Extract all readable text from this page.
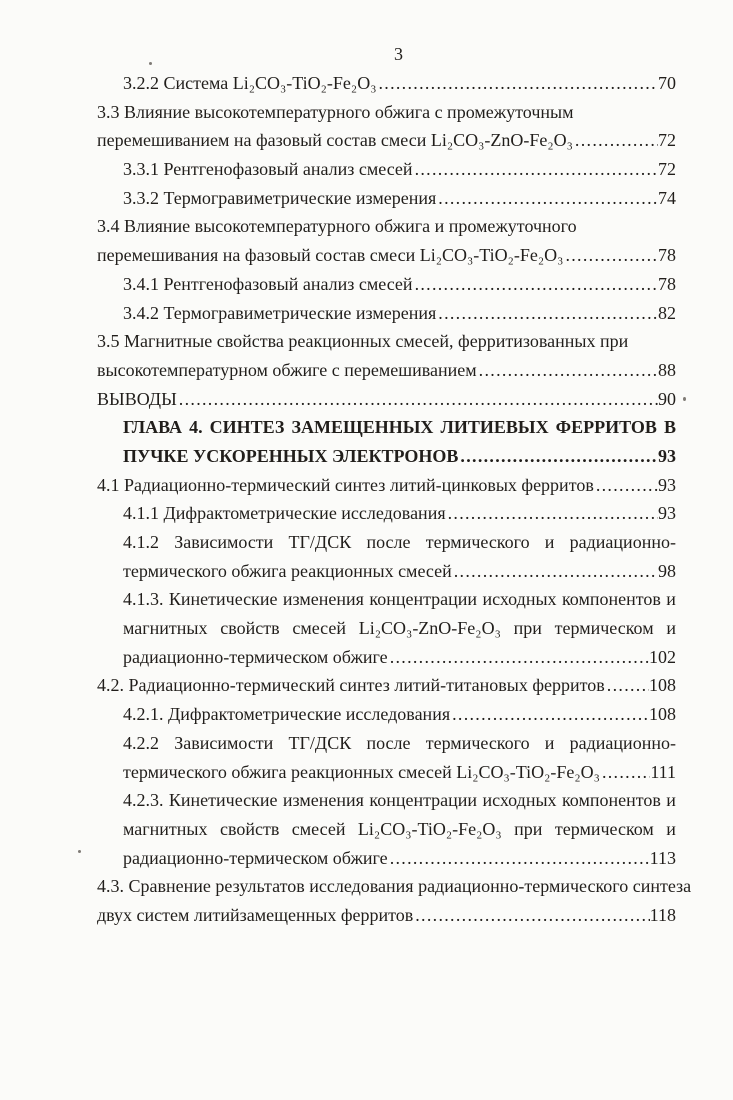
3
3.2.2 Система Li₂CO₃-TiO₂-Fe₂O₃ .....	70
3.3 Влияние высокотемпературного обжига с промежуточным
перемешиванием на фазовый состав смеси Li₂CO₃-ZnO-Fe₂O₃ .....	72
3.3.1 Рентгенофазовый анализ смесей .....	72
3.3.2 Термогравиметрические измерения .....	74
3.4 Влияние высокотемпературного обжига и промежуточного
перемешивания на фазовый состав смеси Li₂CO₃-TiO₂-Fe₂O₃ .....	78
3.4.1 Рентгенофазовый анализ смесей .....	78
3.4.2 Термогравиметрические измерения .....	82
3.5 Магнитные свойства реакционных смесей, ферритизованных при
высокотемпературном обжиге с перемешиванием .....	88
ВЫВОДЫ .....	90
ГЛАВА 4. СИНТЕЗ ЗАМЕЩЕННЫХ ЛИТИЕВЫХ ФЕРРИТОВ В
ПУЧКЕ УСКОРЕННЫХ ЭЛЕКТРОНОВ .....	93
4.1 Радиационно-термический синтез литий-цинковых ферритов .....	93
4.1.1 Дифрактометрические исследования .....	93
4.1.2 Зависимости ТГ/ДСК после термического и радиационно-
термического обжига реакционных смесей .....	98
4.1.3. Кинетические изменения концентрации исходных компонентов и
магнитных свойств смесей Li₂CO₃-ZnO-Fe₂O₃ при термическом и
радиационно-термическом обжиге .....	102
4.2. Радиационно-термический синтез литий-титановых ферритов ..... 108
4.2.1. Дифрактометрические исследования .....	108
4.2.2 Зависимости ТГ/ДСК после термического и радиационно-
термического обжига реакционных смесей Li₂CO₃-TiO₂-Fe₂O₃ .....	111
4.2.3. Кинетические изменения концентрации исходных компонентов и
магнитных свойств смесей Li₂CO₃-TiO₂-Fe₂O₃ при термическом и
радиационно-термическом обжиге .....	113
4.3. Сравнение результатов исследования радиационно-термического синтеза
двух систем литийзамещенных ферритов .....	118
